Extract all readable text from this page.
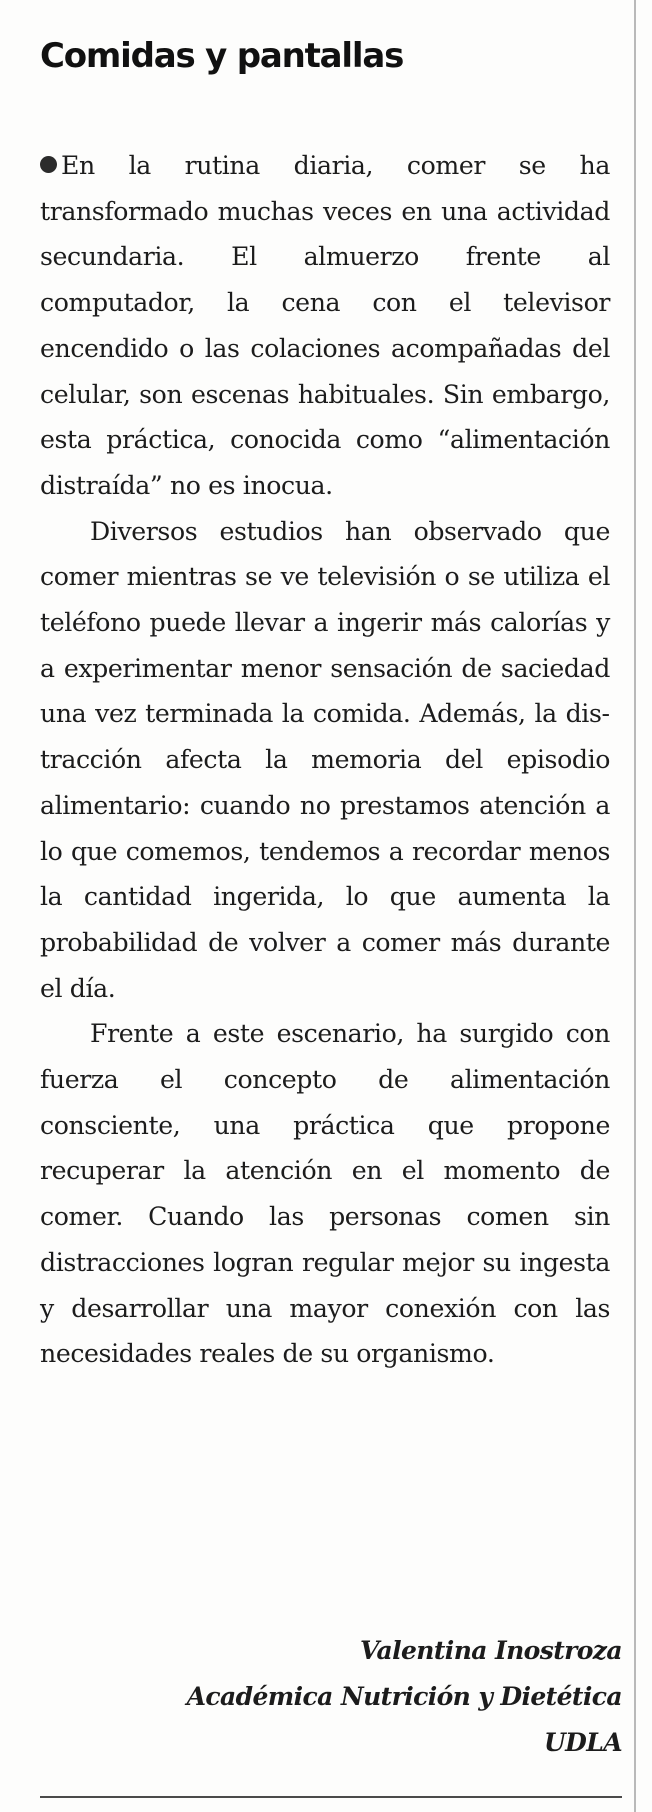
Comidas y pantallas

En la rutina diaria, comer se ha transformado muchas veces en una actividad secundaria. El almuerzo frente al computador, la cena con el televisor encendido o las colaciones acompañadas del celular, son escenas habituales. Sin embargo, esta práctica, conocida como “alimentación distraída” no es inocua.

Diversos estudios han observado que comer mientras se ve televisión o se utiliza el teléfono puede llevar a ingerir más calorías y a experimentar menor sensación de saciedad una vez terminada la comida. Además, la distracción afecta la memoria del episodio alimentario: cuando no prestamos atención a lo que comemos, tendemos a recordar menos la cantidad ingerida, lo que aumenta la probabilidad de volver a comer más durante el día.

Frente a este escenario, ha surgido con fuerza el concepto de alimentación consciente, una práctica que propone recuperar la atención en el momento de comer. Cuando las personas comen sin distracciones logran regular mejor su ingesta y desarrollar una mayor conexión con las necesidades reales de su organismo.

Valentina Inostroza
Académica Nutrición y Dietética
UDLA
